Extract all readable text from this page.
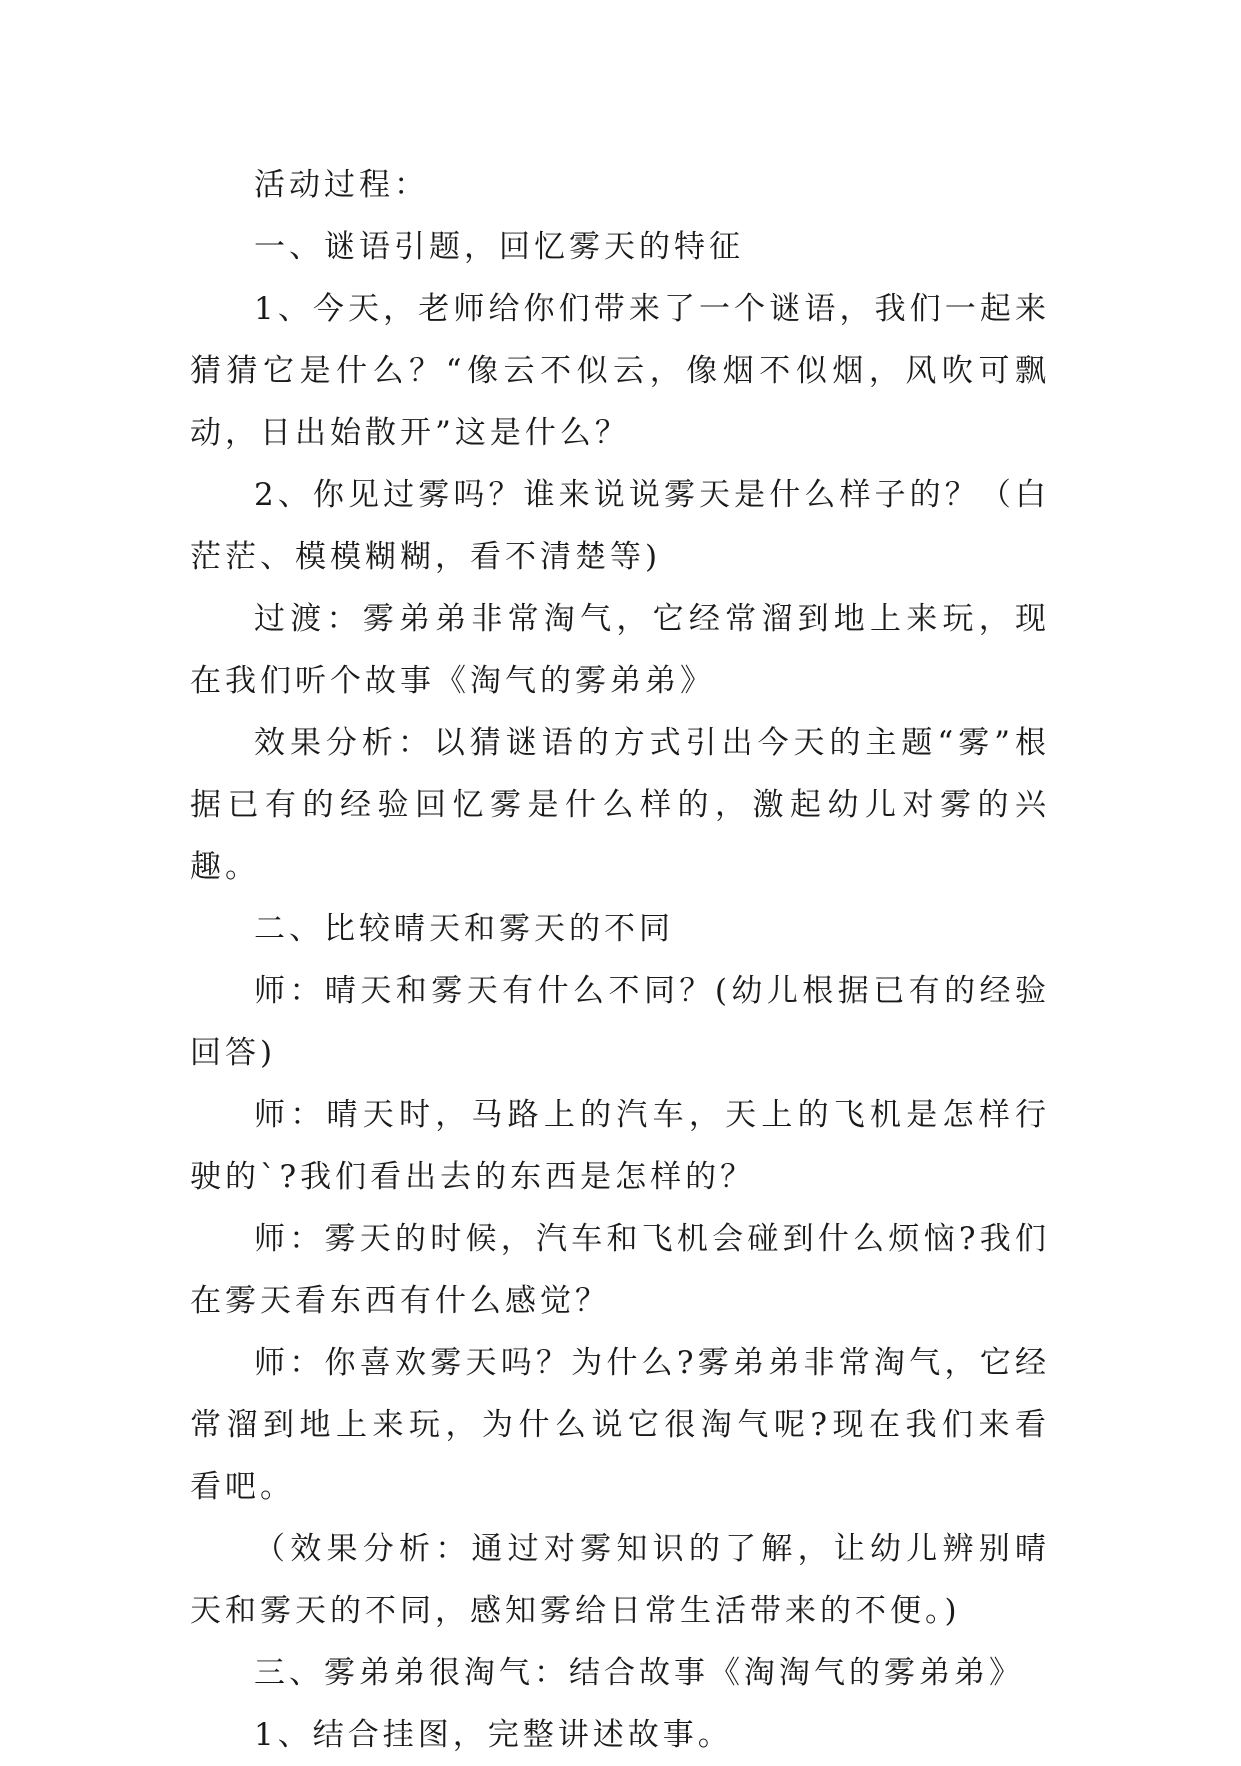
活动过程：

一、谜语引题，回忆雾天的特征

1、今天，老师给你们带来了一个谜语，我们一起来猜猜它是什么？“像云不似云，像烟不似烟，风吹可飘动，日出始散开”这是什么？

2、你见过雾吗？谁来说说雾天是什么样子的？（白茫茫、模模糊糊，看不清楚等)

过渡：雾弟弟非常淘气，它经常溜到地上来玩，现在我们听个故事《淘气的雾弟弟》

效果分析：以猜谜语的方式引出今天的主题“雾”根据已有的经验回忆雾是什么样的，激起幼儿对雾的兴趣。

二、比较晴天和雾天的不同

师：晴天和雾天有什么不同？(幼儿根据已有的经验回答)

师：晴天时，马路上的汽车，天上的飞机是怎样行驶的`?我们看出去的东西是怎样的？

师：雾天的时候，汽车和飞机会碰到什么烦恼?我们在雾天看东西有什么感觉？

师：你喜欢雾天吗？为什么?雾弟弟非常淘气，它经常溜到地上来玩，为什么说它很淘气呢?现在我们来看看吧。

（效果分析：通过对雾知识的了解，让幼儿辨别晴天和雾天的不同，感知雾给日常生活带来的不便。)

三、雾弟弟很淘气：结合故事《淘淘气的雾弟弟》

1、结合挂图，完整讲述故事。
